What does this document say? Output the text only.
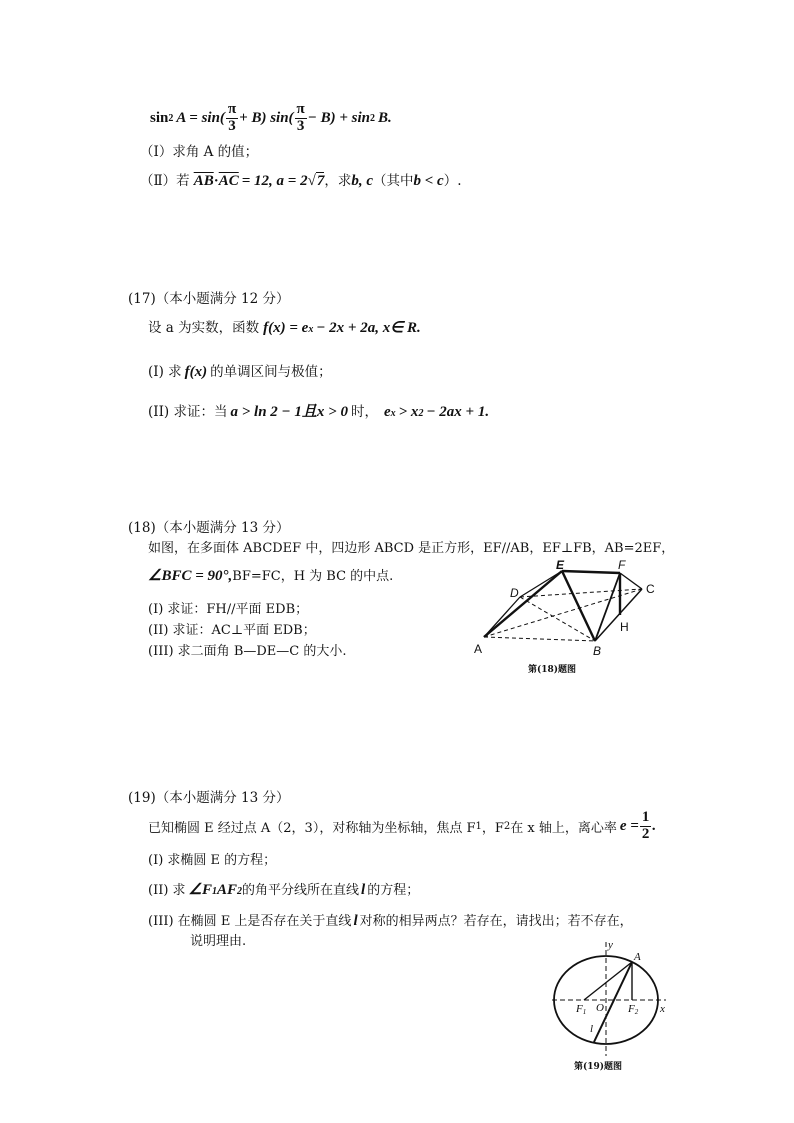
sin 2 $A = \sin( \frac{\pi}{3} + B)$ $\sin( \frac{\pi}{3} - B) + \sin 2$ B.
（Ⅰ）求角 A 的值；
（Ⅱ）若 $\overline{AB} \cdot \overline{AC} = 12$, a = 2 √ 7 ，求 b, c （其中 b < c ）.
(17)（本小题满分 12 分）
设 a 为实数，函数 f(x) = e x − 2x + 2a, x∈ R.
(I) 求 f(x) 的单调区间与极值；
(II) 求证：当 a > ln 2 − 1且x > 0 时， e x > x 2 − 2ax + 1.
(18)（本小题满分 13 分）
如图，在多面体 ABCDEF 中，四边形 ABCD 是正方形，EF//AB，EF⊥FB，AB=2EF，
∠BFC = 90°, BF=FC，H 为 BC 的中点.
(I) 求证：FH//平面 EDB；
(II) 求证：AC⊥平面 EDB；
(III) 求二面角 B—DE—C 的大小.	A	B
C
D
E	F
H
第(18)题图
(19)（本小题满分 13 分）
已知椭圆 E 经过点 A（2，3），对称轴为坐标轴，焦点 F 1 ，F 2 在 x 轴上，离心率 $e = \frac{1}{2}$ .
(I) 求椭圆 E 的方程；
(II) 求 ∠F 1 AF 2 的角平分线所在直线 l 的方程；
(III) 在椭圆 E 上是否存在关于直线 l 对称的相异两点？若存在，请找出；若不存在，
说明理由.	y
x
A
F1 O F2
l
第(19)题图
